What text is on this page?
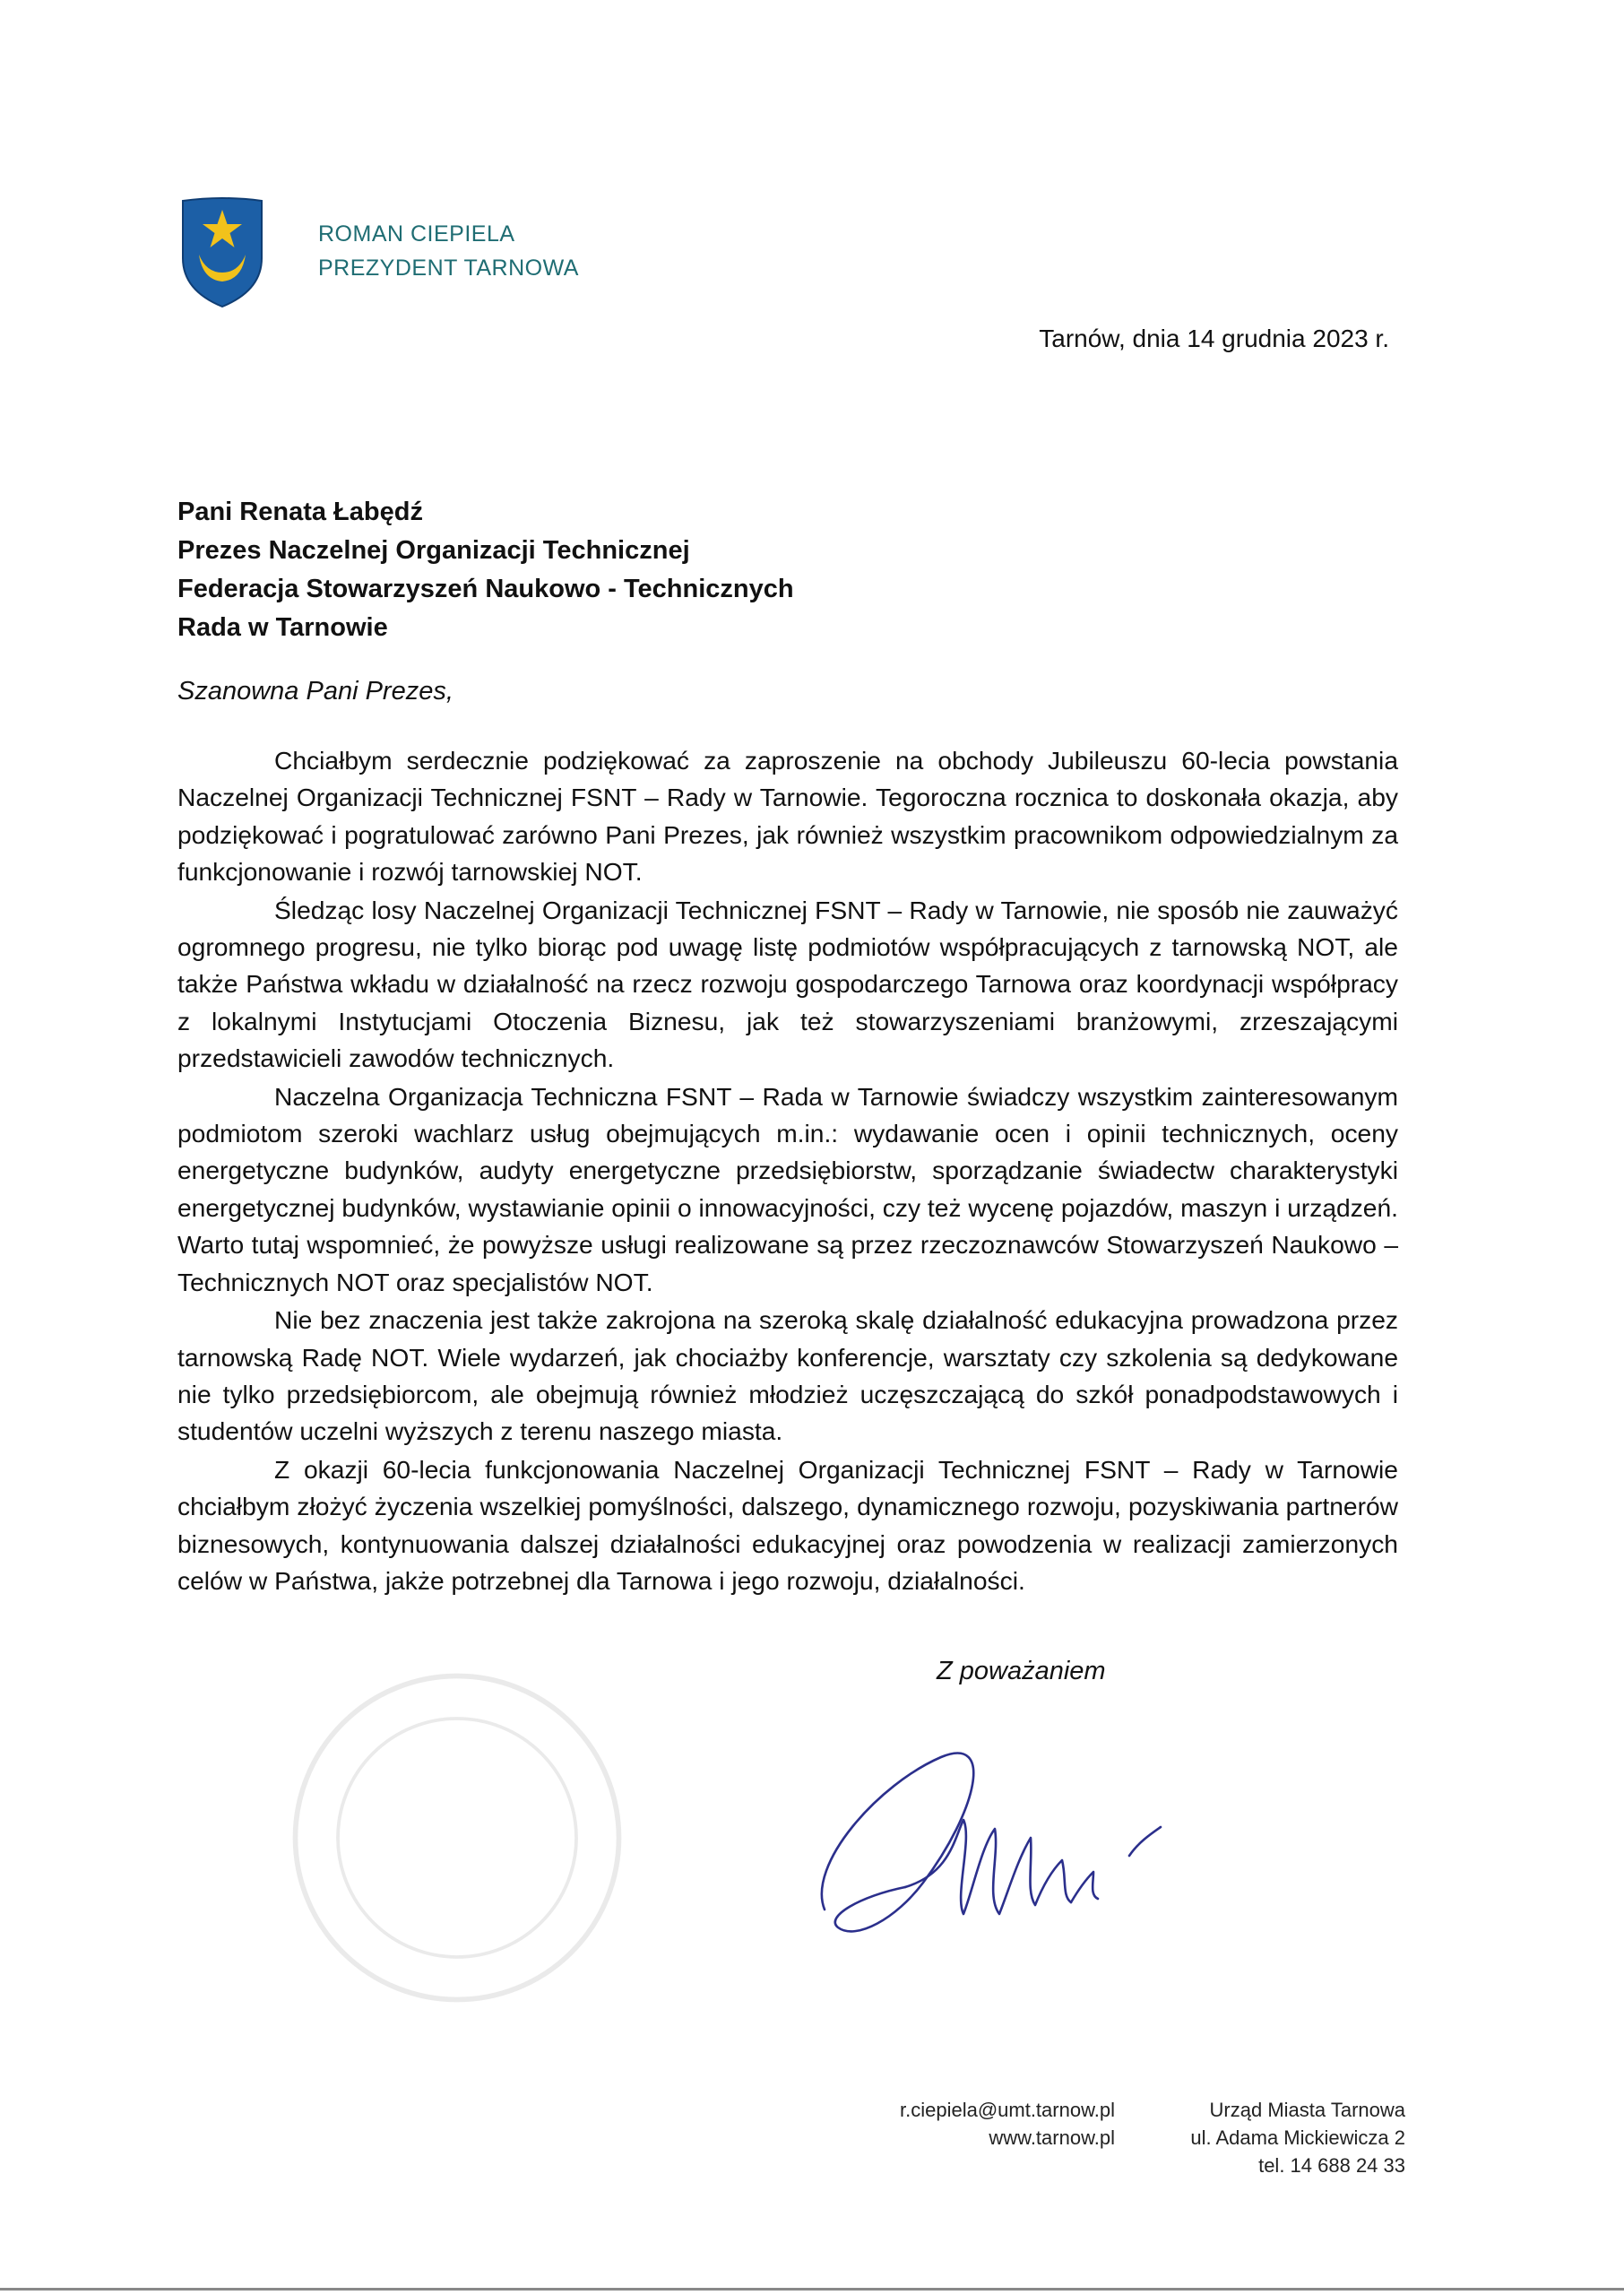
ROMAN CIEPIELA
PREZYDENT TARNOWA
Tarnów, dnia 14 grudnia 2023 r.
Pani Renata Łabędź
Prezes Naczelnej Organizacji Technicznej
Federacja Stowarzyszeń Naukowo - Technicznych
Rada w Tarnowie
Szanowna Pani Prezes,

Chciałbym serdecznie podziękować za zaproszenie na obchody Jubileuszu 60-lecia powstania Naczelnej Organizacji Technicznej FSNT – Rady w Tarnowie. Tegoroczna rocznica to doskonała okazja, aby podziękować i pogratulować zarówno Pani Prezes, jak również wszystkim pracownikom odpowiedzialnym za funkcjonowanie i rozwój tarnowskiej NOT.

Śledząc losy Naczelnej Organizacji Technicznej FSNT – Rady w Tarnowie, nie sposób nie zauważyć ogromnego progresu, nie tylko biorąc pod uwagę listę podmiotów współpracujących z tarnowską NOT, ale także Państwa wkładu w działalność na rzecz rozwoju gospodarczego Tarnowa oraz koordynacji współpracy z lokalnymi Instytucjami Otoczenia Biznesu, jak też stowarzyszeniami branżowymi, zrzeszającymi przedstawicieli zawodów technicznych.

Naczelna Organizacja Techniczna FSNT – Rada w Tarnowie świadczy wszystkim zainteresowanym podmiotom szeroki wachlarz usług obejmujących m.in.: wydawanie ocen i opinii technicznych, oceny energetyczne budynków, audyty energetyczne przedsiębiorstw, sporządzanie świadectw charakterystyki energetycznej budynków, wystawianie opinii o innowacyjności, czy też wycenę pojazdów, maszyn i urządzeń. Warto tutaj wspomnieć, że powyższe usługi realizowane są przez rzeczoznawców Stowarzyszeń Naukowo – Technicznych NOT oraz specjalistów NOT.

Nie bez znaczenia jest także zakrojona na szeroką skalę działalność edukacyjna prowadzona przez tarnowską Radę NOT. Wiele wydarzeń, jak chociażby konferencje, warsztaty czy szkolenia są dedykowane nie tylko przedsiębiorcom, ale obejmują również młodzież uczęszczającą do szkół ponadpodstawowych i studentów uczelni wyższych z terenu naszego miasta.

Z okazji 60-lecia funkcjonowania Naczelnej Organizacji Technicznej FSNT – Rady w Tarnowie chciałbym złożyć życzenia wszelkiej pomyślności, dalszego, dynamicznego rozwoju, pozyskiwania partnerów biznesowych, kontynuowania dalszej działalności edukacyjnej oraz powodzenia w realizacji zamierzonych celów w Państwa, jakże potrzebnej dla Tarnowa i jego rozwoju, działalności.

Z poważaniem
r.ciepiela@umt.tarnow.pl
www.tarnow.pl
Urząd Miasta Tarnowa
ul. Adama Mickiewicza 2
tel. 14 688 24 33
